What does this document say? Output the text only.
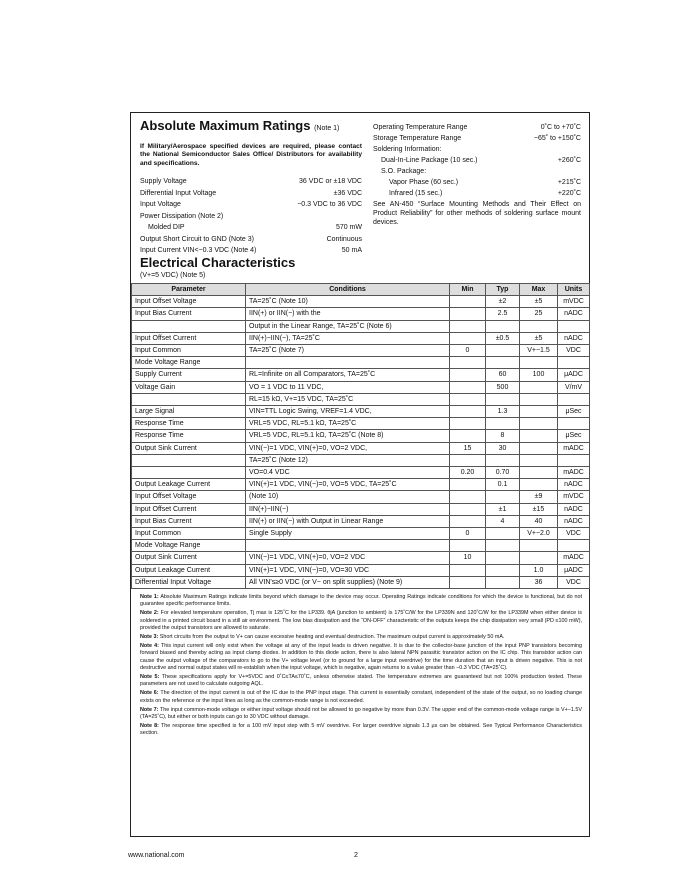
Absolute Maximum Ratings (Note 1)
If Military/Aerospace specified devices are required, please contact the National Semiconductor Sales Office/ Distributors for availability and specifications.
Supply Voltage	36 VDC or ±18 VDC
Differential Input Voltage	±36 VDC
Input Voltage	−0.3 VDC to 36 VDC
Power Dissipation (Note 2)
Molded DIP	570 mW
Output Short Circuit to GND (Note 3)	Continuous
Input Current VIN<−0.3 VDC (Note 4)	50 mA
Operating Temperature Range	0˚C to +70˚C
Storage Temperature Range	−65˚ to +150˚C
Soldering Information:
Dual-In-Line Package (10 sec.)	+260˚C
S.O. Package:
Vapor Phase (60 sec.)	+215˚C
Infrared (15 sec.)	+220˚C
See AN-450 “Surface Mounting Methods and Their Effect on Product Reliability” for other methods of soldering surface mount devices.
Electrical Characteristics
(V+=5 VDC) (Note 5)
Parameter	Conditions	Min	Typ	Max	Units
Input Offset Voltage	TA=25˚C (Note 10)		±2	±5	mVDC
Input Bias Current	IIN(+) or IIN(−) with the		2.5	25	nADC
	Output in the Linear Range, TA=25˚C (Note 6)				
Input Offset Current	IIN(+)−IIN(−), TA=25˚C		±0.5	±5	nADC
Input Common	TA=25˚C (Note 7)	0		V+−1.5	VDC
Mode Voltage Range					
Supply Current	RL=Infinite on all Comparators, TA=25˚C		60	100	μADC
Voltage Gain	VO = 1 VDC to 11 VDC,		500		V/mV
	RL=15 kΩ, V+=15 VDC, TA=25˚C				
Large Signal	VIN=TTL Logic Swing, VREF=1.4 VDC,		1.3		μSec
Response Time	VRL=5 VDC, RL=5.1 kΩ, TA=25˚C				
Response Time	VRL=5 VDC, RL=5.1 kΩ, TA=25˚C (Note 8)		8		μSec
Output Sink Current	VIN(−)=1 VDC, VIN(+)=0, VO=2 VDC,	15	30		mADC
	TA=25˚C (Note 12)				
	VO=0.4 VDC	0.20	0.70		mADC
Output Leakage Current	VIN(+)=1 VDC, VIN(−)=0, VO=5 VDC, TA=25˚C		0.1		nADC
Input Offset Voltage	(Note 10)			±9	mVDC
Input Offset Current	IIN(+)−IIN(−)		±1	±15	nADC
Input Bias Current	IIN(+) or IIN(−) with Output in Linear Range		4	40	nADC
Input Common	Single Supply	0		V+−2.0	VDC
Mode Voltage Range					
Output Sink Current	VIN(−)=1 VDC, VIN(+)=0, VO=2 VDC	10			mADC
Output Leakage Current	VIN(+)=1 VDC, VIN(−)=0, VO=30 VDC			1.0	μADC
Differential Input Voltage	All VIN's≥0 VDC (or V− on split supplies) (Note 9)			36	VDC

Note 1: Absolute Maximum Ratings indicate limits beyond which damage to the device may occur. Operating Ratings indicate conditions for which the device is functional, but do not guarantee specific performance limits.

Note 2: For elevated temperature operation, Tj max is 125˚C for the LP339. θjA (junction to ambient) is 175˚C/W for the LP339N and 120˚C/W for the LP339M when either device is soldered in a printed circuit board in a still air environment. The low bias dissipation and the “ON-OFF” characteristic of the outputs keeps the chip dissipation very small (PD ≤100 mW), provided the output transistors are allowed to saturate.

Note 3: Short circuits from the output to V+ can cause excessive heating and eventual destruction. The maximum output current is approximately 50 mA.

Note 4: This input current will only exist when the voltage at any of the input leads is driven negative. It is due to the collector-base junction of the input PNP transistors becoming forward biased and thereby acting as input clamp diodes. In addition to this diode action, there is also lateral NPN parasitic transistor action on the IC chip. This transistor action can cause the output voltage of the comparators to go to the V+ voltage level (or to ground for a large input overdrive) for the time duration that an input is driven negative. This is not destructive and normal output states will re-establish when the input voltage, which is negative, again returns to a value greater than −0.3 VDC (TA=25˚C).

Note 5: These specifications apply for V+=5VDC and 0˚C≤TA≤70˚C, unless otherwise stated. The temperature extremes are guaranteed but not 100% production tested. These parameters are not used to calculate outgoing AQL.

Note 6: The direction of the input current is out of the IC due to the PNP input stage. This current is essentially constant, independent of the state of the output, so no loading change exists on the reference or the input lines as long as the common-mode range is not exceeded.

Note 7: The input common-mode voltage or either input voltage should not be allowed to go negative by more than 0.3V. The upper end of the common-mode voltage range is V+−1.5V (TA=25˚C), but either or both inputs can go to 30 VDC without damage.

Note 8: The response time specified is for a 100 mV input step with 5 mV overdrive. For larger overdrive signals 1.3 μs can be obtained. See Typical Performance Characteristics section.

www.national.com	2
